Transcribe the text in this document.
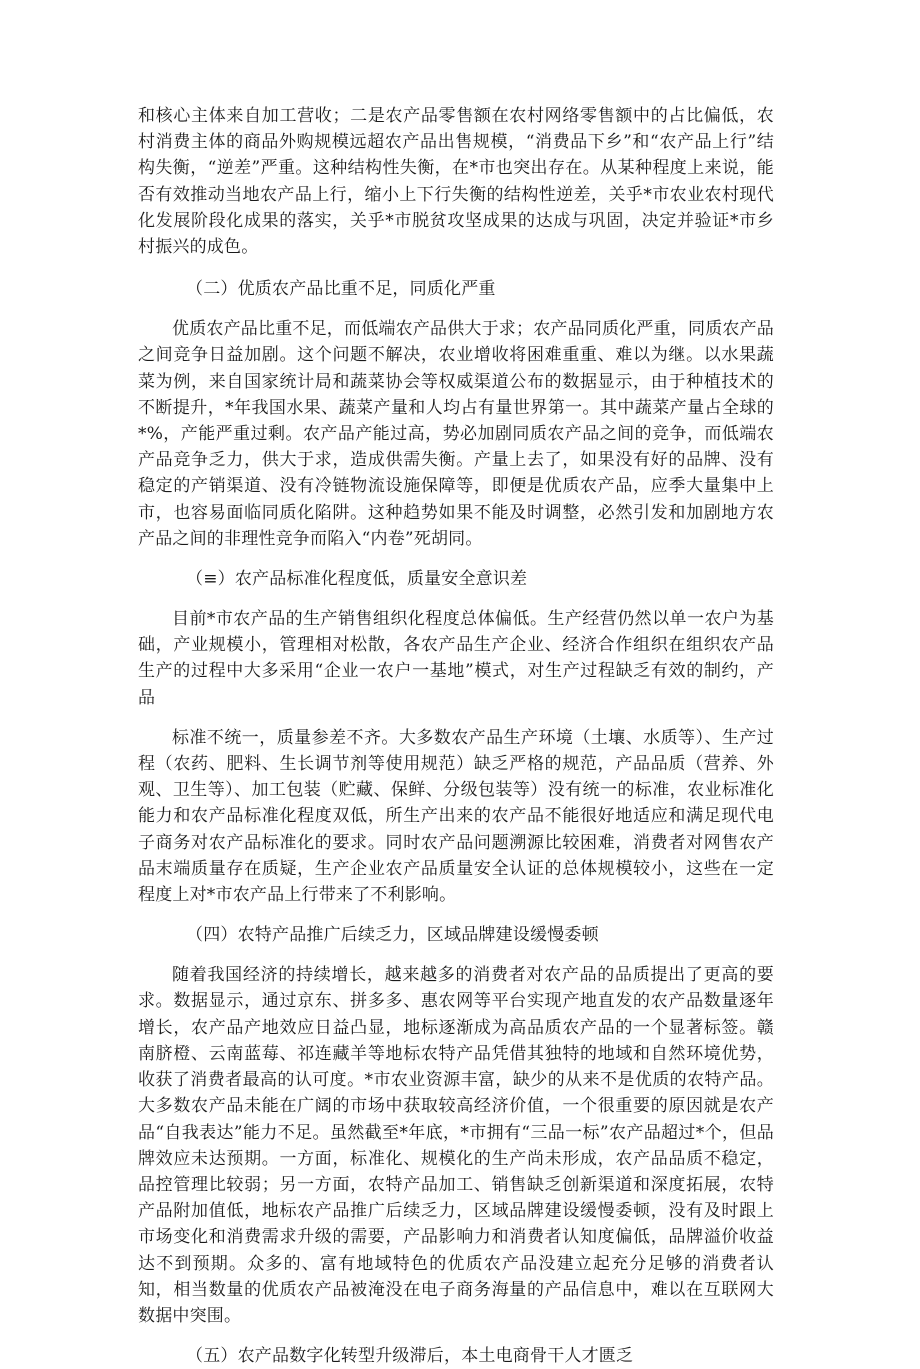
和核心主体来自加工营收；二是农产品零售额在农村网络零售额中的占比偏低，农村消费主体的商品外购规模远超农产品出售规模，“消费品下乡”和“农产品上行”结构失衡，“逆差”严重。这种结构性失衡，在*市也突出存在。从某种程度上来说，能否有效推动当地农产品上行，缩小上下行失衡的结构性逆差，关乎*市农业农村现代化发展阶段化成果的落实，关乎*市脱贫攻坚成果的达成与巩固，决定并验证*市乡村振兴的成色。

（二）优质农产品比重不足，同质化严重

优质农产品比重不足，而低端农产品供大于求；农产品同质化严重，同质农产品之间竞争日益加剧。这个问题不解决，农业增收将困难重重、难以为继。以水果蔬菜为例，来自国家统计局和蔬菜协会等权威渠道公布的数据显示，由于种植技术的不断提升，*年我国水果、蔬菜产量和人均占有量世界第一。其中蔬菜产量占全球的*%，产能严重过剩。农产品产能过高，势必加剧同质农产品之间的竞争，而低端农产品竞争乏力，供大于求，造成供需失衡。产量上去了，如果没有好的品牌、没有稳定的产销渠道、没有冷链物流设施保障等，即便是优质农产品，应季大量集中上市，也容易面临同质化陷阱。这种趋势如果不能及时调整，必然引发和加剧地方农产品之间的非理性竞争而陷入“内卷”死胡同。

（≡）农产品标准化程度低，质量安全意识差

目前*市农产品的生产销售组织化程度总体偏低。生产经营仍然以单一农户为基础，产业规模小，管理相对松散，各农产品生产企业、经济合作组织在组织农产品生产的过程中大多采用“企业一农户一基地”模式，对生产过程缺乏有效的制约，产品

标准不统一，质量参差不齐。大多数农产品生产环境（土壤、水质等）、生产过程（农药、肥料、生长调节剂等使用规范）缺乏严格的规范，产品品质（营养、外观、卫生等）、加工包装（贮藏、保鲜、分级包装等）没有统一的标准，农业标准化能力和农产品标准化程度双低，所生产出来的农产品不能很好地适应和满足现代电子商务对农产品标准化的要求。同时农产品问题溯源比较困难，消费者对网售农产品末端质量存在质疑，生产企业农产品质量安全认证的总体规模较小，这些在一定程度上对*市农产品上行带来了不利影响。

（四）农特产品推广后续乏力，区域品牌建设缓慢委顿

随着我国经济的持续增长，越来越多的消费者对农产品的品质提出了更高的要求。数据显示，通过京东、拼多多、惠农网等平台实现产地直发的农产品数量逐年增长，农产品产地效应日益凸显，地标逐渐成为高品质农产品的一个显著标签。赣南脐橙、云南蓝莓、祁连藏羊等地标农特产品凭借其独特的地域和自然环境优势，收获了消费者最高的认可度。*市农业资源丰富，缺少的从来不是优质的农特产品。大多数农产品未能在广阔的市场中获取较高经济价值，一个很重要的原因就是农产品“自我表达”能力不足。虽然截至*年底，*市拥有“三品一标”农产品超过*个，但品牌效应未达预期。一方面，标准化、规模化的生产尚未形成，农产品品质不稳定，品控管理比较弱；另一方面，农特产品加工、销售缺乏创新渠道和深度拓展，农特产品附加值低，地标农产品推广后续乏力，区域品牌建设缓慢委顿，没有及时跟上市场变化和消费需求升级的需要，产品影响力和消费者认知度偏低，品牌溢价收益达不到预期。众多的、富有地域特色的优质农产品没建立起充分足够的消费者认知，相当数量的优质农产品被淹没在电子商务海量的产品信息中，难以在互联网大数据中突围。

（五）农产品数字化转型升级滞后，本土电商骨干人才匮乏
